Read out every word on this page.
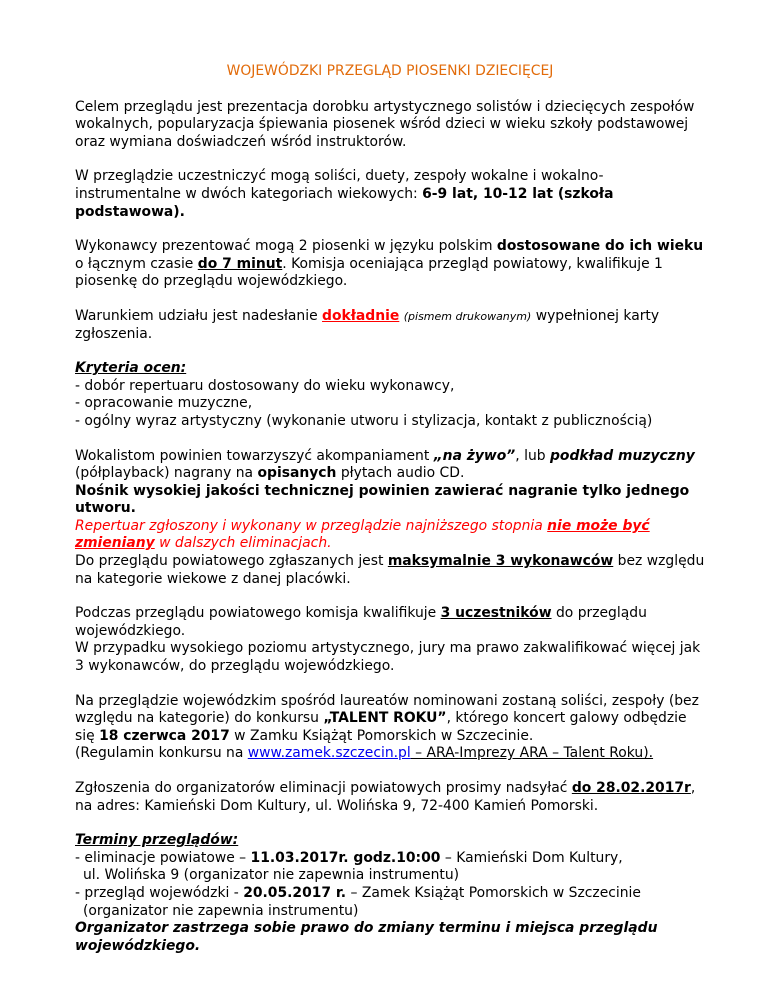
WOJEWÓDZKI PRZEGLĄD PIOSENKI DZIECIĘCEJ

Celem przeglądu jest prezentacja dorobku artystycznego solistów i dziecięcych zespołów wokalnych, popularyzacja śpiewania piosenek wśród dzieci w wieku szkoły podstawowej oraz wymiana doświadczeń wśród instruktorów.

W przeglądzie uczestniczyć mogą soliści, duety, zespoły wokalne i wokalno-instrumentalne w dwóch kategoriach wiekowych: 6-9 lat, 10-12 lat (szkoła podstawowa).

Wykonawcy prezentować mogą 2 piosenki w języku polskim dostosowane do ich wieku o łącznym czasie do 7 minut. Komisja oceniająca przegląd powiatowy, kwalifikuje 1 piosenkę do przeglądu wojewódzkiego.

Warunkiem udziału jest nadesłanie dokładnie (pismem drukowanym) wypełnionej karty zgłoszenia.

Kryteria ocen:
- dobór repertuaru dostosowany do wieku wykonawcy,
- opracowanie muzyczne,
- ogólny wyraz artystyczny (wykonanie utworu i stylizacja, kontakt z publicznością)

Wokalistom powinien towarzyszyć akompaniament „na żywo”, lub podkład muzyczny (półplayback) nagrany na opisanych płytach audio CD.
Nośnik wysokiej jakości technicznej powinien zawierać nagranie tylko jednego utworu.
Repertuar zgłoszony i wykonany w przeglądzie najniższego stopnia nie może być zmieniany w dalszych eliminacjach.
Do przeglądu powiatowego zgłaszanych jest maksymalnie 3 wykonawców bez względu na kategorie wiekowe z danej placówki.

Podczas przeglądu powiatowego komisja kwalifikuje 3 uczestników do przeglądu wojewódzkiego.
W przypadku wysokiego poziomu artystycznego, jury ma prawo zakwalifikować więcej jak 3 wykonawców, do przeglądu wojewódzkiego.

Na przeglądzie wojewódzkim spośród laureatów nominowani zostaną soliści, zespoły (bez względu na kategorie) do konkursu „TALENT ROKU”, którego koncert galowy odbędzie się 18 czerwca 2017 w Zamku Książąt Pomorskich w Szczecinie.
(Regulamin konkursu na www.zamek.szczecin.pl – ARA-Imprezy ARA – Talent Roku).

Zgłoszenia do organizatorów eliminacji powiatowych prosimy nadsyłać do 28.02.2017r, na adres: Kamieński Dom Kultury, ul. Wolińska 9, 72-400 Kamień Pomorski.

Terminy przeglądów:
- eliminacje powiatowe – 11.03.2017r. godz.10:00 – Kamieński Dom Kultury,
ul. Wolińska 9 (organizator nie zapewnia instrumentu)
- przegląd wojewódzki - 20.05.2017 r. – Zamek Książąt Pomorskich w Szczecinie
(organizator nie zapewnia instrumentu)
Organizator zastrzega sobie prawo do zmiany terminu i miejsca przeglądu wojewódzkiego.
